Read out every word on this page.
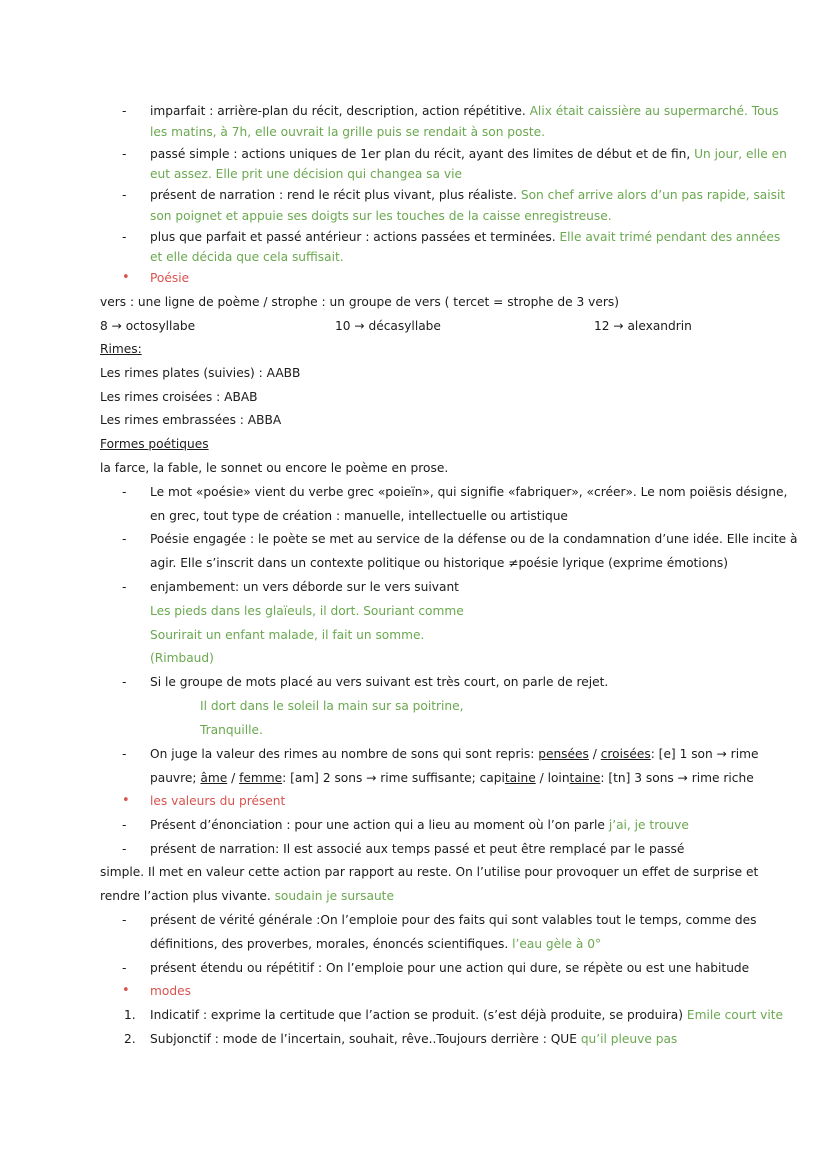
-	imparfait : arrière-plan du récit, description, action répétitive. Alix était caissière au supermarché. Tous
les matins, à 7h, elle ouvrait la grille puis se rendait à son poste.
-	passé simple : actions uniques de 1er plan du récit, ayant des limites de début et de fin, Un jour, elle en
eut assez. Elle prit une décision qui changea sa vie
-	présent de narration : rend le récit plus vivant, plus réaliste. Son chef arrive alors d’un pas rapide, saisit
son poignet et appuie ses doigts sur les touches de la caisse enregistreuse.
-	plus que parfait et passé antérieur : actions passées et terminées. Elle avait trimé pendant des années
et elle décida que cela suffisait.
•	Poésie
vers : une ligne de poème / strophe : un groupe de vers ( tercet = strophe de 3 vers)
8 → octosyllabe	10 → décasyllabe	12 → alexandrin
Rimes:
Les rimes plates (suivies) : AABB
Les rimes croisées : ABAB
Les rimes embrassées : ABBA
Formes poétiques
la farce, la fable, le sonnet ou encore le poème en prose.
-	Le mot «poésie» vient du verbe grec «poieïn», qui signifie «fabriquer», «créer». Le nom poiësis désigne,
en grec, tout type de création : manuelle, intellectuelle ou artistique
-	Poésie engagée : le poète se met au service de la défense ou de la condamnation d’une idée. Elle incite à
agir. Elle s’inscrit dans un contexte politique ou historique ≠poésie lyrique (exprime émotions)
-	enjambement: un vers déborde sur le vers suivant
Les pieds dans les glaïeuls, il dort. Souriant comme
Sourirait un enfant malade, il fait un somme.
(Rimbaud)
-	Si le groupe de mots placé au vers suivant est très court, on parle de rejet.
Il dort dans le soleil la main sur sa poitrine,
Tranquille.
-	On juge la valeur des rimes au nombre de sons qui sont repris: pensées / croisées: [e] 1 son → rime
pauvre; âme / femme: [am] 2 sons → rime suffisante; capitaine / lointaine: [tn] 3 sons → rime riche
•	les valeurs du présent
-	Présent d’énonciation : pour une action qui a lieu au moment où l’on parle j’ai, je trouve
-	présent de narration: Il est associé aux temps passé et peut être remplacé par le passé
simple. Il met en valeur cette action par rapport au reste. On l’utilise pour provoquer un effet de surprise et
rendre l’action plus vivante. soudain je sursaute
-	présent de vérité générale :On l’emploie pour des faits qui sont valables tout le temps, comme des
définitions, des proverbes, morales, énoncés scientifiques. l’eau gèle à 0°
-	présent étendu ou répétitif : On l’emploie pour une action qui dure, se répète ou est une habitude
•	modes
1.	Indicatif : exprime la certitude que l’action se produit. (s’est déjà produite, se produira) Emile court vite
2.	Subjonctif : mode de l’incertain, souhait, rêve..Toujours derrière : QUE qu’il pleuve pas
